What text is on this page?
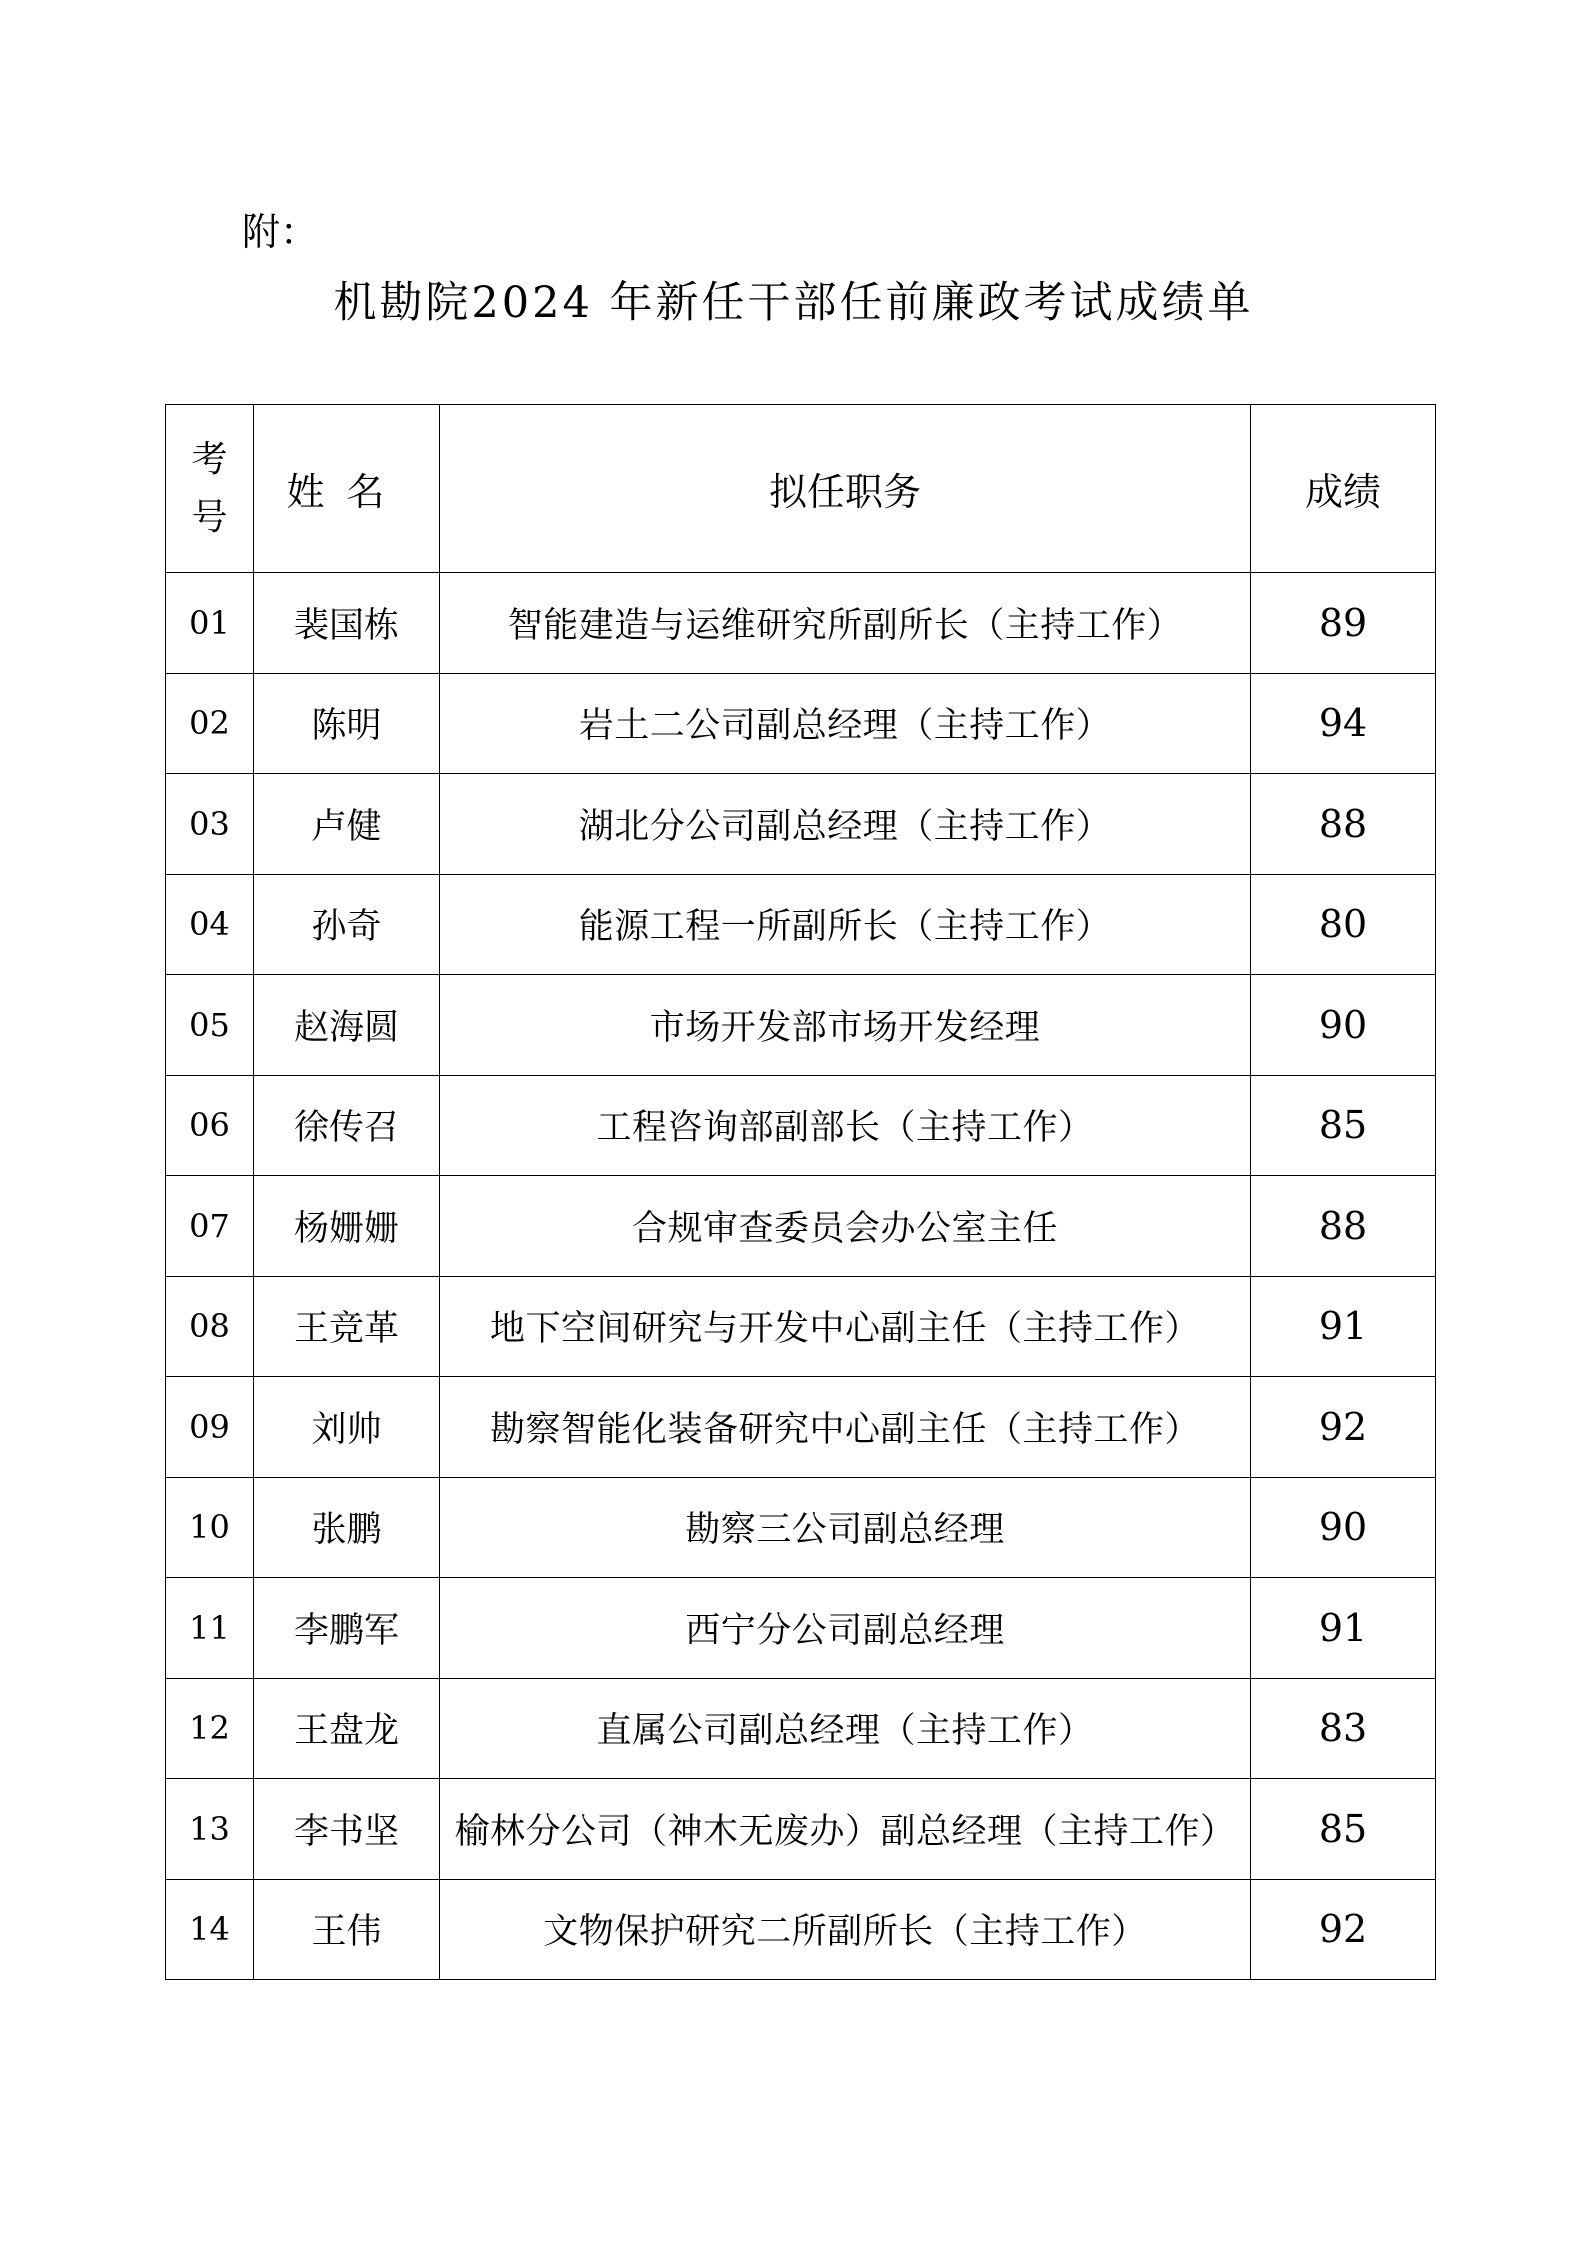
附：
机勘院2024 年新任干部任前廉政考试成绩单
考
号	姓名	拟任职务	成绩
01	裴国栋	智能建造与运维研究所副所长（主持工作）	89
02	陈明	岩土二公司副总经理（主持工作）	94
03	卢健	湖北分公司副总经理（主持工作）	88
04	孙奇	能源工程一所副所长（主持工作）	80
05	赵海圆	市场开发部市场开发经理	90
06	徐传召	工程咨询部副部长（主持工作）	85
07	杨姗姗	合规审查委员会办公室主任	88
08	王竞革	地下空间研究与开发中心副主任（主持工作）	91
09	刘帅	勘察智能化装备研究中心副主任（主持工作）	92
10	张鹏	勘察三公司副总经理	90
11	李鹏军	西宁分公司副总经理	91
12	王盘龙	直属公司副总经理（主持工作）	83
13	李书坚	榆林分公司（神木无废办）副总经理（主持工作）	85
14	王伟	文物保护研究二所副所长（主持工作）	92
